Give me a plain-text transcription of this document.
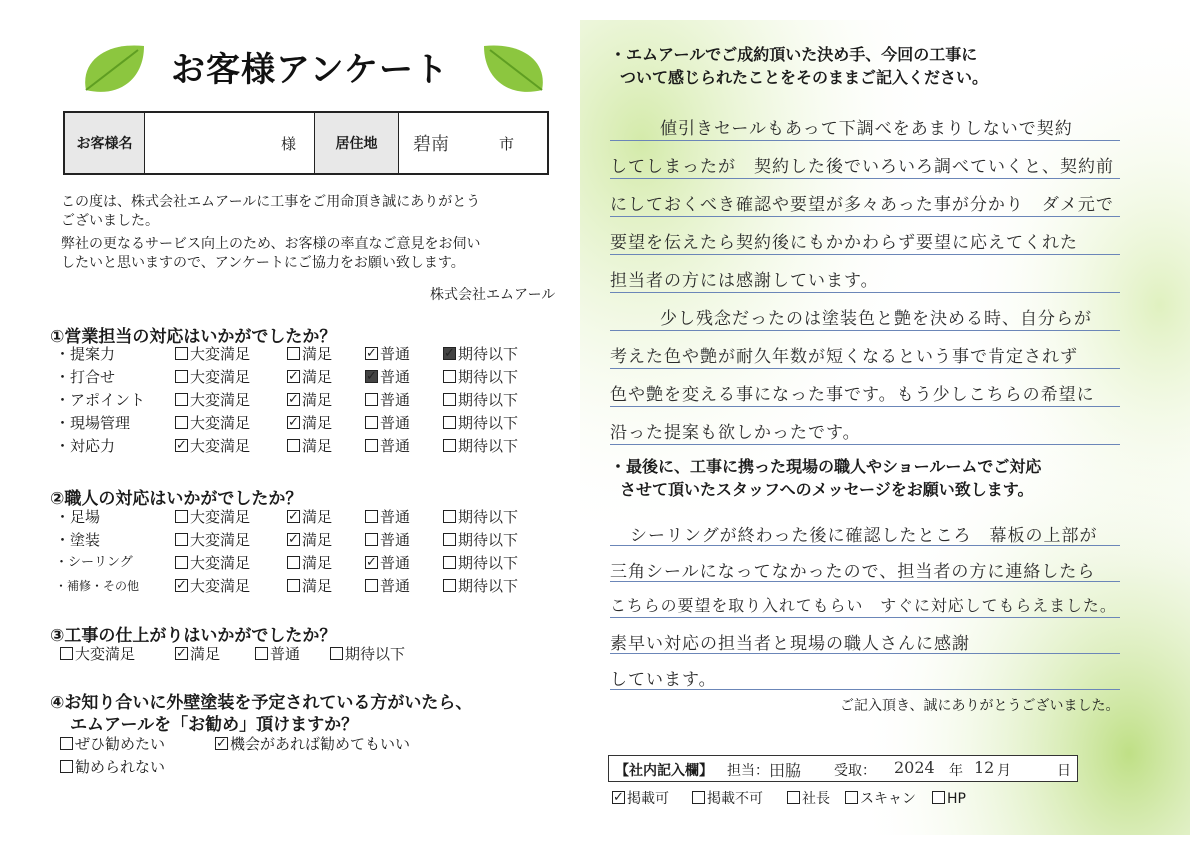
お客様アンケート
お客様名	様	居住地	碧南	市
この度は、株式会社エムアールに工事をご用命頂き誠にありがとう
ございました。
弊社の更なるサービス向上のため、お客様の率直なご意見をお伺い
したいと思いますので、アンケートにご協力をお願い致します。
株式会社エムアール
①営業担当の対応はいかがでしたか？
・提案力	大変満足	満足 ✓	普通 ✓	期待以下
・打合せ	大変満足 ✓	満足 ✓	普通	期待以下
・アポイント	大変満足 ✓	満足	普通	期待以下
・現場管理	大変満足 ✓	満足	普通	期待以下
・対応力 ✓	大変満足	満足	普通	期待以下
②職人の対応はいかがでしたか？
・足場	大変満足 ✓	満足	普通	期待以下
・塗装	大変満足 ✓	満足	普通	期待以下
・シーリング	大変満足	満足 ✓	普通	期待以下
・補修・その他 ✓	大変満足	満足	普通	期待以下
③工事の仕上がりはいかがでしたか？
大変満足 ✓	満足	普通	期待以下
④お知り合いに外壁塗装を予定されている方がいたら、
エムアールを「お勧め」頂けますか？
ぜひ勧めたい ✓	機会があれば勧めてもいい
勧められない
・エムアールでご成約頂いた決め手、今回の工事に
ついて感じられたことをそのままご記入ください。
値引きセールもあって下調べをあまりしないで契約
してしまったが　契約した後でいろいろ調べていくと、契約前
にしておくべき確認や要望が多々あった事が分かり　ダメ元で
要望を伝えたら契約後にもかかわらず要望に応えてくれた
担当者の方には感謝しています。
少し残念だったのは塗装色と艶を決める時、自分らが
考えた色や艶が耐久年数が短くなるという事で肯定されず
色や艶を変える事になった事です。もう少しこちらの希望に
沿った提案も欲しかったです。
・最後に、工事に携った現場の職人やショールームでご対応
させて頂いたスタッフへのメッセージをお願い致します。
シーリングが終わった後に確認したところ　幕板の上部が
三角シールになってなかったので、担当者の方に連絡したら
こちらの要望を取り入れてもらい　すぐに対応してもらえました。
素早い対応の担当者と現場の職人さんに感謝
しています。
ご記入頂き、誠にありがとうございました。
【社内記入欄】 担当： 田脇 受取： 2024 年 12 月	日
✓掲載可	掲載不可	社長	スキャン	HP
